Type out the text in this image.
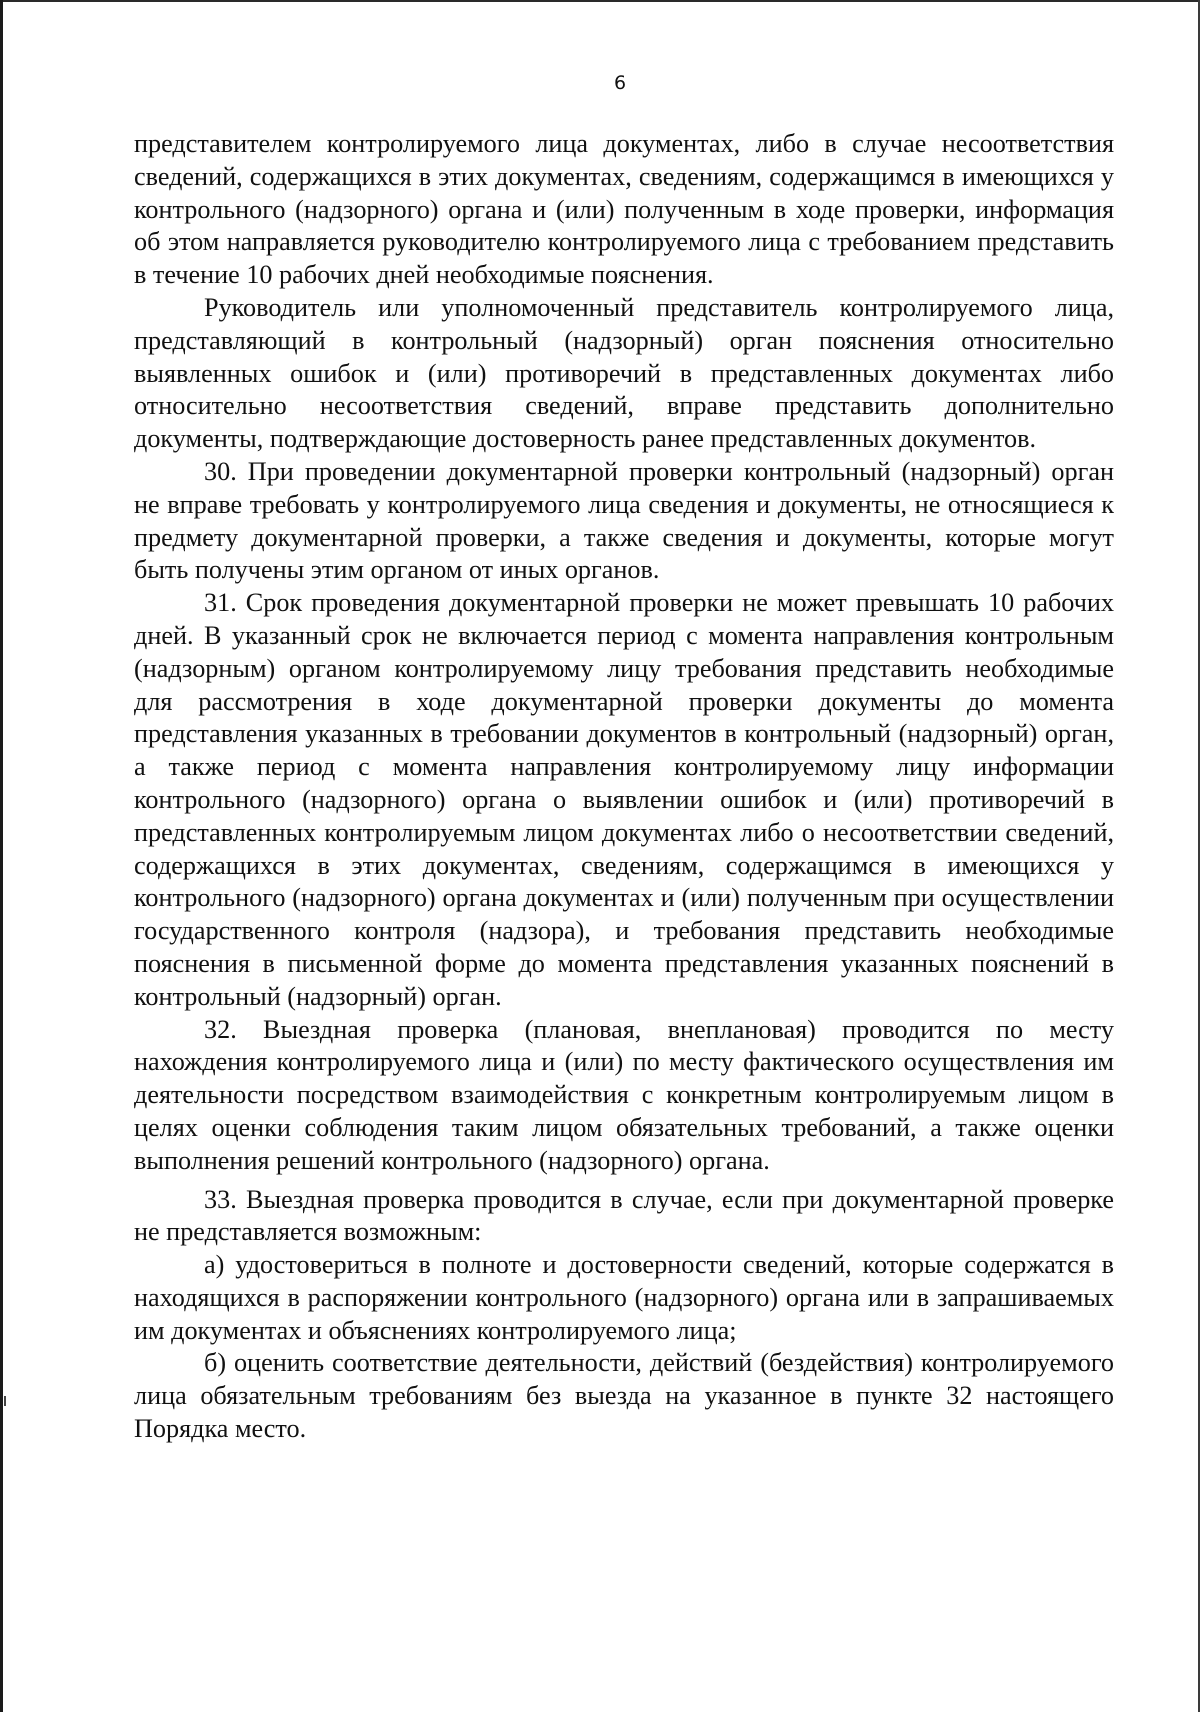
6

представителем контролируемого лица документах, либо в случае несоответствия сведений, содержащихся в этих документах, сведениям, содержащимся в имеющихся у контрольного (надзорного) органа и (или) полученным в ходе проверки, информация об этом направляется руководителю контролируемого лица с требованием представить в течение 10 рабочих дней необходимые пояснения.

Руководитель или уполномоченный представитель контролируемого лица, представляющий в контрольный (надзорный) орган пояснения относительно выявленных ошибок и (или) противоречий в представленных документах либо относительно несоответствия сведений, вправе представить дополнительно документы, подтверждающие достоверность ранее представленных документов.

30. При проведении документарной проверки контрольный (надзорный) орган не вправе требовать у контролируемого лица сведения и документы, не относящиеся к предмету документарной проверки, а также сведения и документы, которые могут быть получены этим органом от иных органов.

31. Срок проведения документарной проверки не может превышать 10 рабочих дней. В указанный срок не включается период с момента направления контрольным (надзорным) органом контролируемому лицу требования представить необходимые для рассмотрения в ходе документарной проверки документы до момента представления указанных в требовании документов в контрольный (надзорный) орган, а также период с момента направления контролируемому лицу информации контрольного (надзорного) органа о выявлении ошибок и (или) противоречий в представленных контролируемым лицом документах либо о несоответствии сведений, содержащихся в этих документах, сведениям, содержащимся в имеющихся у контрольного (надзорного) органа документах и (или) полученным при осуществлении государственного контроля (надзора), и требования представить необходимые пояснения в письменной форме до момента представления указанных пояснений в контрольный (надзорный) орган.

32. Выездная проверка (плановая, внеплановая) проводится по месту нахождения контролируемого лица и (или) по месту фактического осуществления им деятельности посредством взаимодействия с конкретным контролируемым лицом в целях оценки соблюдения таким лицом обязательных требований, а также оценки выполнения решений контрольного (надзорного) органа.

33. Выездная проверка проводится в случае, если при документарной проверке не представляется возможным:

а) удостовериться в полноте и достоверности сведений, которые содержатся в находящихся в распоряжении контрольного (надзорного) органа или в запрашиваемых им документах и объяснениях контролируемого лица;

б) оценить соответствие деятельности, действий (бездействия) контролируемого лица обязательным требованиям без выезда на указанное в пункте 32 настоящего Порядка место.
